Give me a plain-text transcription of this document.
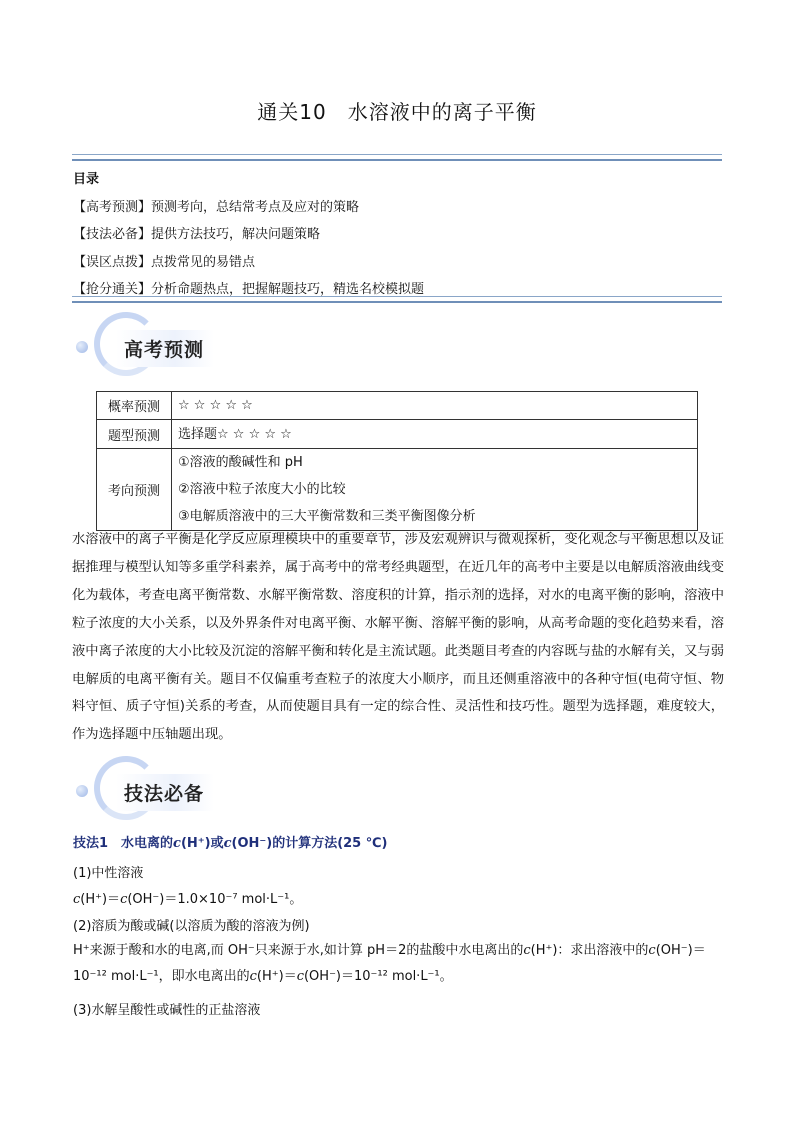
通关10　水溶液中的离子平衡
目录
【高考预测】预测考向，总结常考点及应对的策略
【技法必备】提供方法技巧，解决问题策略
【误区点拨】点拨常见的易错点
【抢分通关】分析命题热点，把握解题技巧，精选名校模拟题
高考预测
概率预测	☆ ☆ ☆ ☆ ☆
题型预测	选择题☆ ☆ ☆ ☆ ☆
考向预测	①溶液的酸碱性和 pH
②溶液中粒子浓度大小的比较
③电解质溶液中的三大平衡常数和三类平衡图像分析
水溶液中的离子平衡是化学反应原理模块中的重要章节，涉及宏观辨识与微观探析，变化观念与平衡思想以及证据推理与模型认知等多重学科素养，属于高考中的常考经典题型，在近几年的高考中主要是以电解质溶液曲线变化为载体，考查电离平衡常数、水解平衡常数、溶度积的计算，指示剂的选择，对水的电离平衡的影响，溶液中粒子浓度的大小关系，以及外界条件对电离平衡、水解平衡、溶解平衡的影响，从高考命题的变化趋势来看，溶液中离子浓度的大小比较及沉淀的溶解平衡和转化是主流试题。此类题目考查的内容既与盐的水解有关，又与弱电解质的电离平衡有关。题目不仅偏重考查粒子的浓度大小顺序，而且还侧重溶液中的各种守恒(电荷守恒、物料守恒、质子守恒)关系的考查，从而使题目具有一定的综合性、灵活性和技巧性。题型为选择题，难度较大，作为选择题中压轴题出现。
技法必备
技法1　水电离的c(H⁺)或c(OH⁻)的计算方法(25 ℃)
(1)中性溶液
c(H⁺)＝c(OH⁻)＝1.0×10⁻⁷ mol·L⁻¹。
(2)溶质为酸或碱(以溶质为酸的溶液为例)
H⁺来源于酸和水的电离,而 OH⁻只来源于水,如计算 pH＝2的盐酸中水电离出的c(H⁺)：求出溶液中的c(OH⁻)＝10⁻¹² mol·L⁻¹，即水电离出的c(H⁺)＝c(OH⁻)＝10⁻¹² mol·L⁻¹。
(3)水解呈酸性或碱性的正盐溶液
